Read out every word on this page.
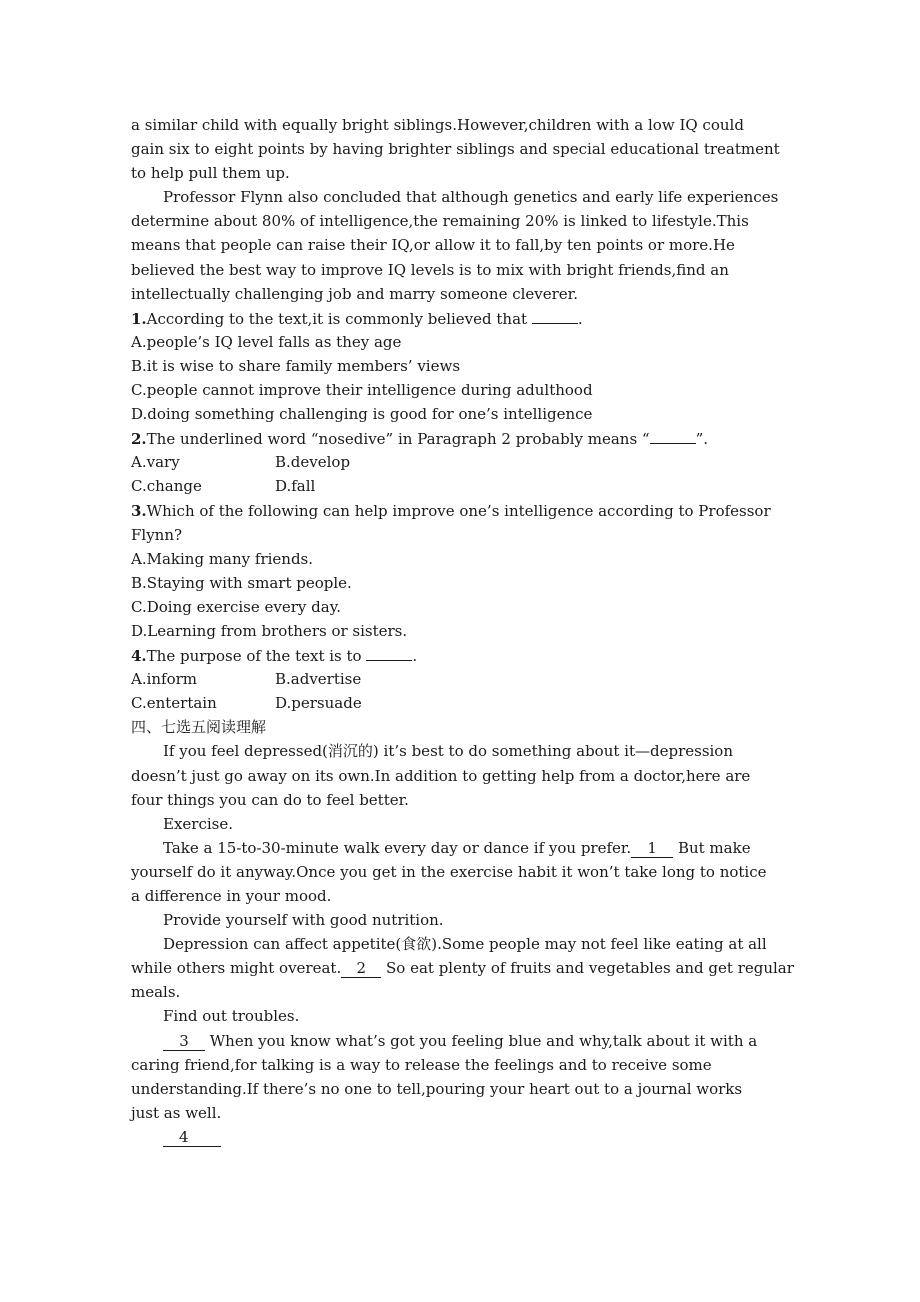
a similar child with equally bright siblings.However,children with a low IQ could
gain six to eight points by having brighter siblings and special educational treatment
to help pull them up.
Professor Flynn also concluded that although genetics and early life experiences
determine about 80% of intelligence,the remaining 20% is linked to lifestyle.This
means that people can raise their IQ,or allow it to fall,by ten points or more.He
believed the best way to improve IQ levels is to mix with bright friends,find an
intellectually challenging job and marry someone cleverer.
1.According to the text,it is commonly believed that	.
A.people’s IQ level falls as they age
B.it is wise to share family members’ views
C.people cannot improve their intelligence during adulthood
D.doing something challenging is good for one’s intelligence
2.The underlined word “nosedive” in Paragraph 2 probably means “	”.
A.vary	B.develop
C.change	D.fall
3.Which of the following can help improve one’s intelligence according to Professor
Flynn?
A.Making many friends.
B.Staying with smart people.
C.Doing exercise every day.
D.Learning from brothers or sisters.
4.The purpose of the text is to	.
A.inform	B.advertise
C.entertain	D.persuade
四、七选五阅读理解
If you feel depressed(消沉的) it’s best to do something about it—depression
doesn’t just go away on its own.In addition to getting help from a doctor,here are
four things you can do to feel better.
Exercise.
Take a 15-to-30-minute walk every day or dance if you prefer. 1 But make
yourself do it anyway.Once you get in the exercise habit it won’t take long to notice
a difference in your mood.
Provide yourself with good nutrition.
Depression can affect appetite(食欲).Some people may not feel like eating at all
while others might overeat. 2 So eat plenty of fruits and vegetables and get regular
meals.
Find out troubles.
3 When you know what’s got you feeling blue and why,talk about it with a
caring friend,for talking is a way to release the feelings and to receive some
understanding.If there’s no one to tell,pouring your heart out to a journal works
just as well.
4
